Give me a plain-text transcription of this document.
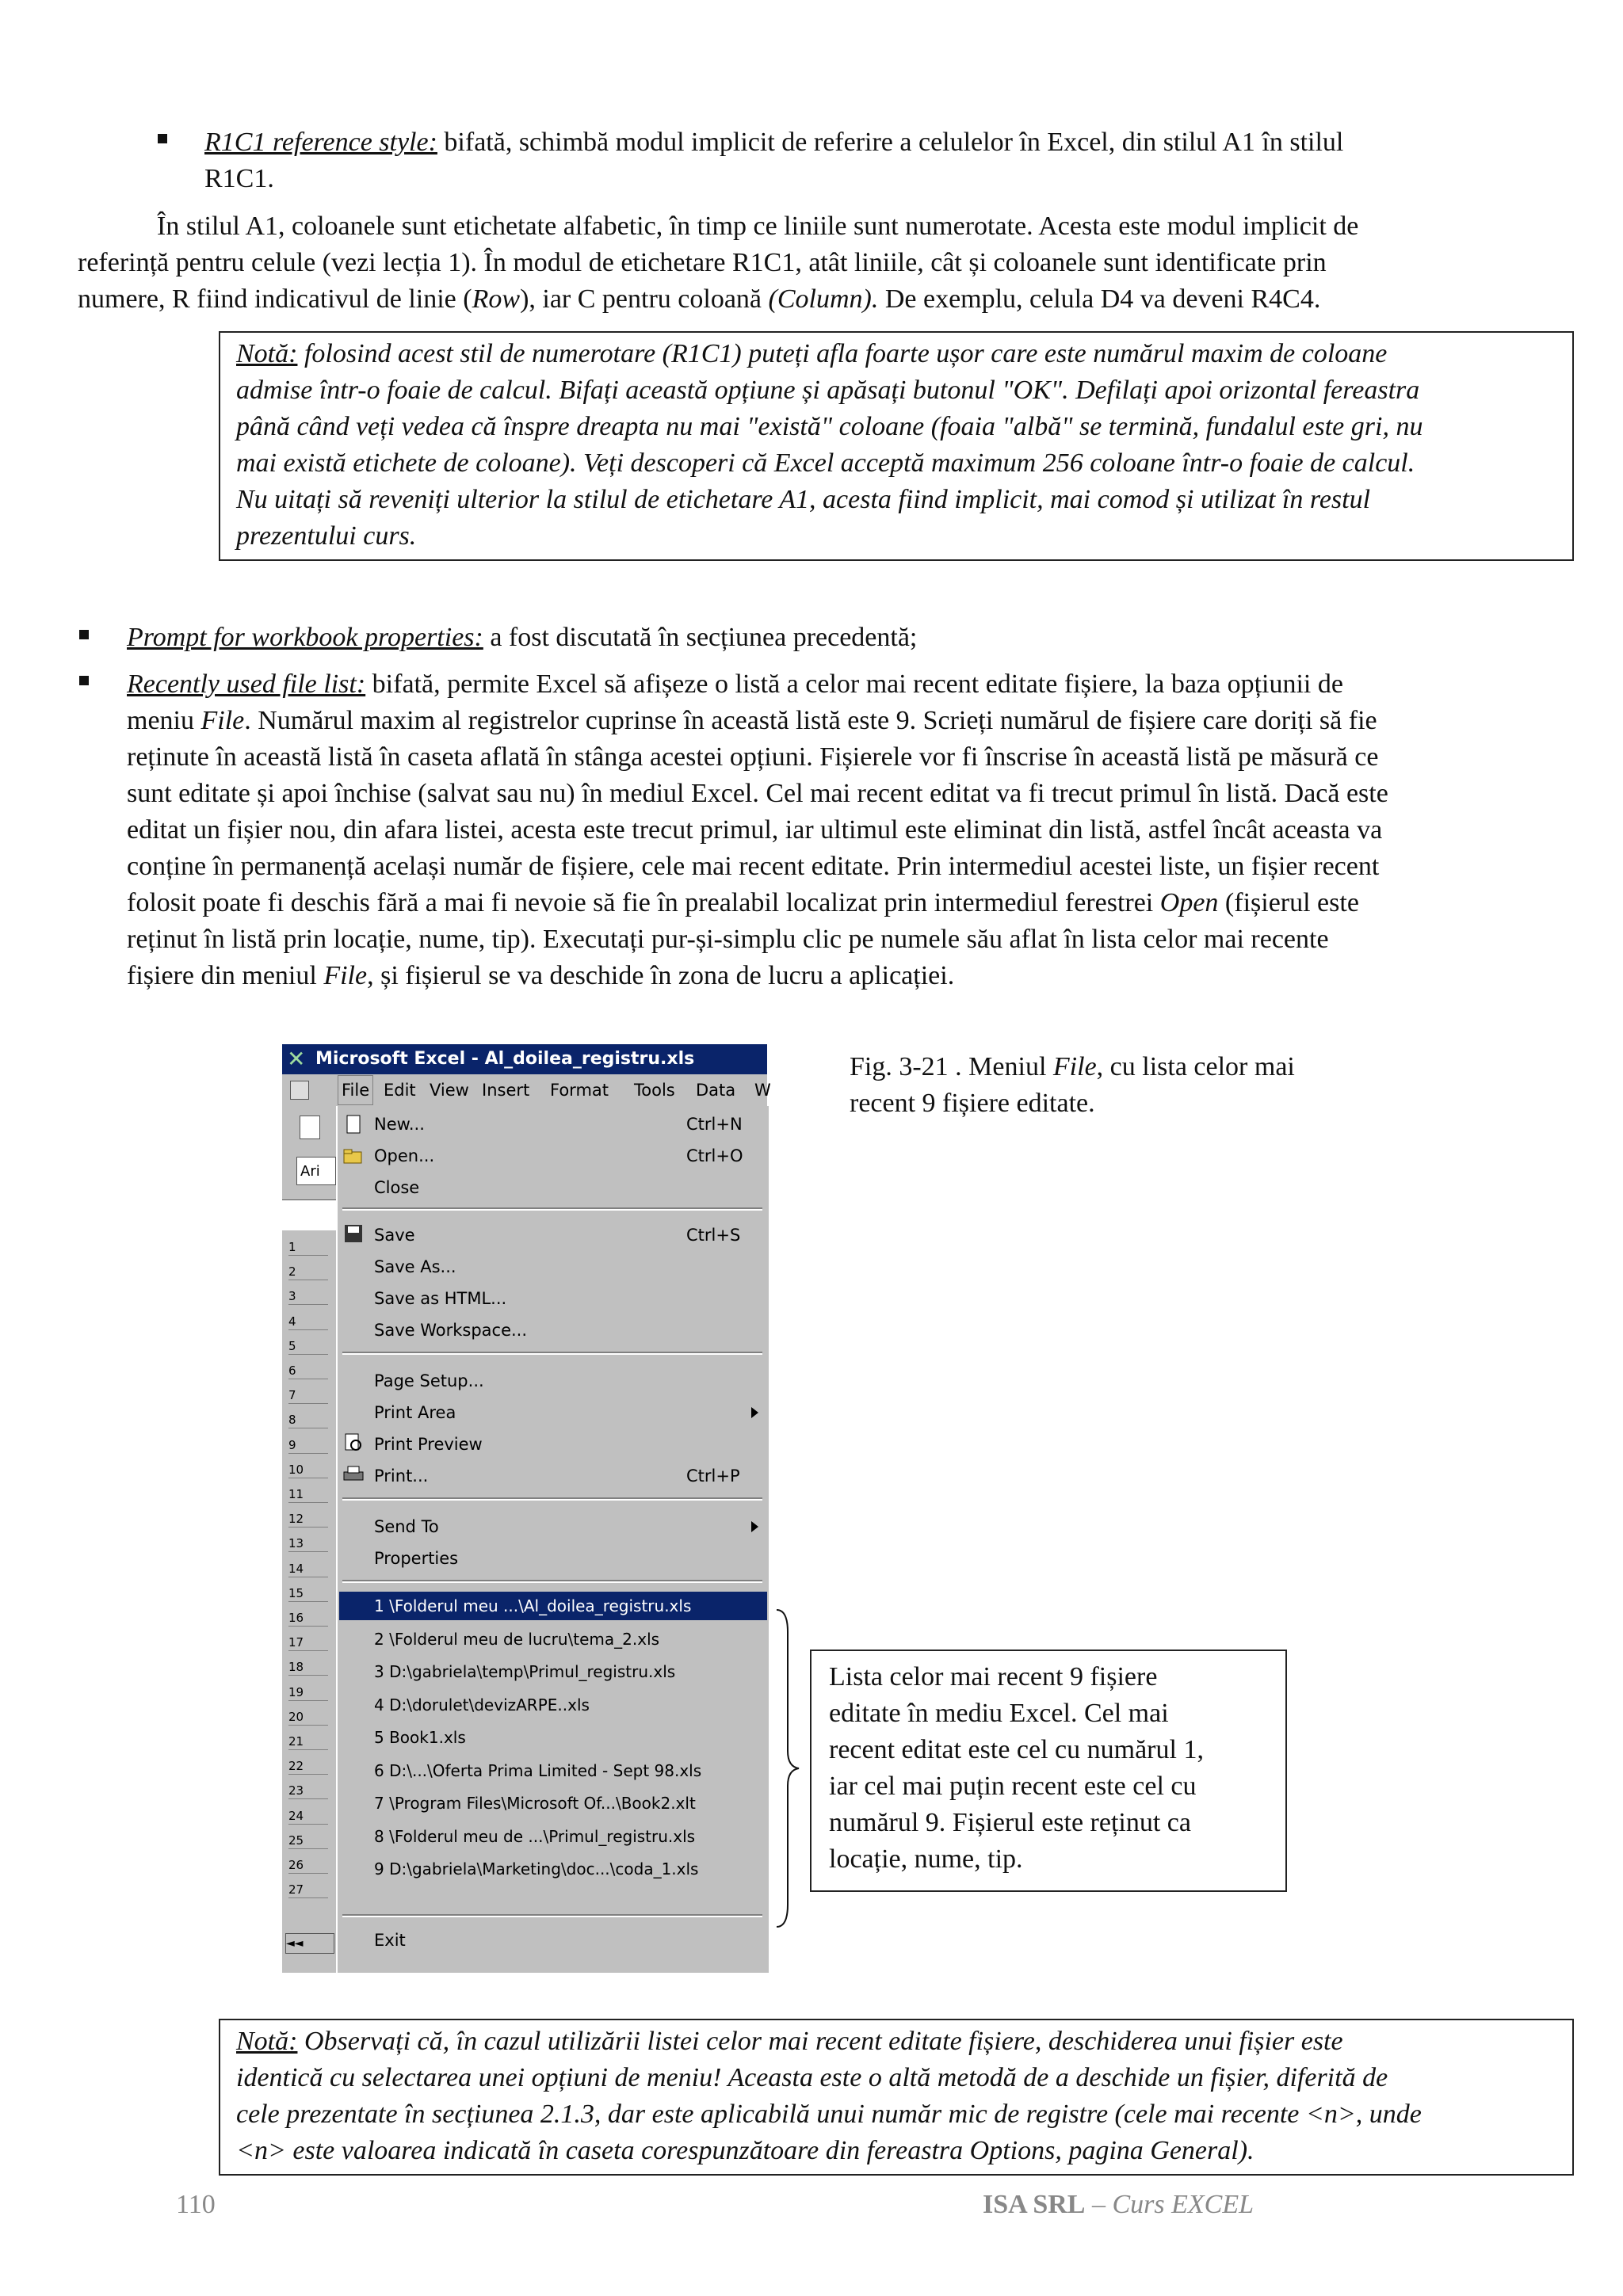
R1C1 reference style: bifată, schimbă modul implicit de referire a celulelor în Excel, din stilul A1 în stilul
R1C1.
În stilul A1, coloanele sunt etichetate alfabetic, în timp ce liniile sunt numerotate. Acesta este modul implicit de
referință pentru celule (vezi lecția 1). În modul de etichetare R1C1, atât liniile, cât și coloanele sunt identificate prin
numere, R fiind indicativul de linie (Row), iar C pentru coloană (Column). De exemplu, celula D4 va deveni R4C4.
Notă: folosind acest stil de numerotare (R1C1) puteți afla foarte ușor care este numărul maxim de coloane
admise într-o foaie de calcul. Bifați această opțiune și apăsați butonul "OK". Defilați apoi orizontal fereastra
până când veți vedea că înspre dreapta nu mai "există" coloane (foaia "albă" se termină, fundalul este gri, nu
mai există etichete de coloane). Veți descoperi că Excel acceptă maximum 256 coloane într-o foaie de calcul.
Nu uitați să reveniți ulterior la stilul de etichetare A1, acesta fiind implicit, mai comod și utilizat în restul
prezentului curs.
Prompt for workbook properties: a fost discutată în secțiunea precedentă;
Recently used file list: bifată, permite Excel să afișeze o listă a celor mai recent editate fișiere, la baza opțiunii de
meniu File. Numărul maxim al registrelor cuprinse în această listă este 9. Scrieți numărul de fișiere care doriți să fie
reținute în această listă în caseta aflată în stânga acestei opțiuni. Fișierele vor fi înscrise în această listă pe măsură ce
sunt editate și apoi închise (salvat sau nu) în mediul Excel. Cel mai recent editat va fi trecut primul în listă. Dacă este
editat un fișier nou, din afara listei, acesta este trecut primul, iar ultimul este eliminat din listă, astfel încât aceasta va
conține în permanență același număr de fișiere, cele mai recent editate. Prin intermediul acestei liste, un fișier recent
folosit poate fi deschis fără a mai fi nevoie să fie în prealabil localizat prin intermediul ferestrei Open (fișierul este
reținut în listă prin locație, nume, tip). Executați pur-și-simplu clic pe numele său aflat în lista celor mai recente
fișiere din meniul File, și fișierul se va deschide în zona de lucru a aplicației.
✕ Microsoft Excel - Al_doilea_registru.xls
File Edit View Insert Format Tools Data W
Ari
1
2
3
4
5
6
7
8
9
10
11
12
13
14
15
16
17
18
19
20
21
22
23
24
25
26
27
◄◄
New...	Ctrl+N
Open...	Ctrl+O
Close
Save	Ctrl+S
Save As...
Save as HTML...
Save Workspace...
Page Setup...
Print Area
Print Preview
Print...	Ctrl+P
Send To
Properties
1 \Folderul meu ...\Al_doilea_registru.xls
2 \Folderul meu de lucru\tema_2.xls
3 D:\gabriela\temp\Primul_registru.xls
4 D:\dorulet\devizARPE..xls
5 Book1.xls
6 D:\...\Oferta Prima Limited - Sept 98.xls
7 \Program Files\Microsoft Of...\Book2.xlt
8 \Folderul meu de ...\Primul_registru.xls
9 D:\gabriela\Marketing\doc...\coda_1.xls
Exit
Fig. 3-21 . Meniul File, cu lista celor mai
recent 9 fișiere editate.
Lista celor mai recent 9 fișiere
editate în mediu Excel. Cel mai
recent editat este cel cu numărul 1,
iar cel mai puțin recent este cel cu
numărul 9. Fișierul este reținut ca
locație, nume, tip.
Notă: Observați că, în cazul utilizării listei celor mai recent editate fișiere, deschiderea unui fișier este
identică cu selectarea unei opțiuni de meniu! Aceasta este o altă metodă de a deschide un fișier, diferită de
cele prezentate în secțiunea 2.1.3, dar este aplicabilă unui număr mic de registre (cele mai recente <n>, unde
<n> este valoarea indicată în caseta corespunzătoare din fereastra Options, pagina General).
110	ISA SRL – Curs EXCEL
